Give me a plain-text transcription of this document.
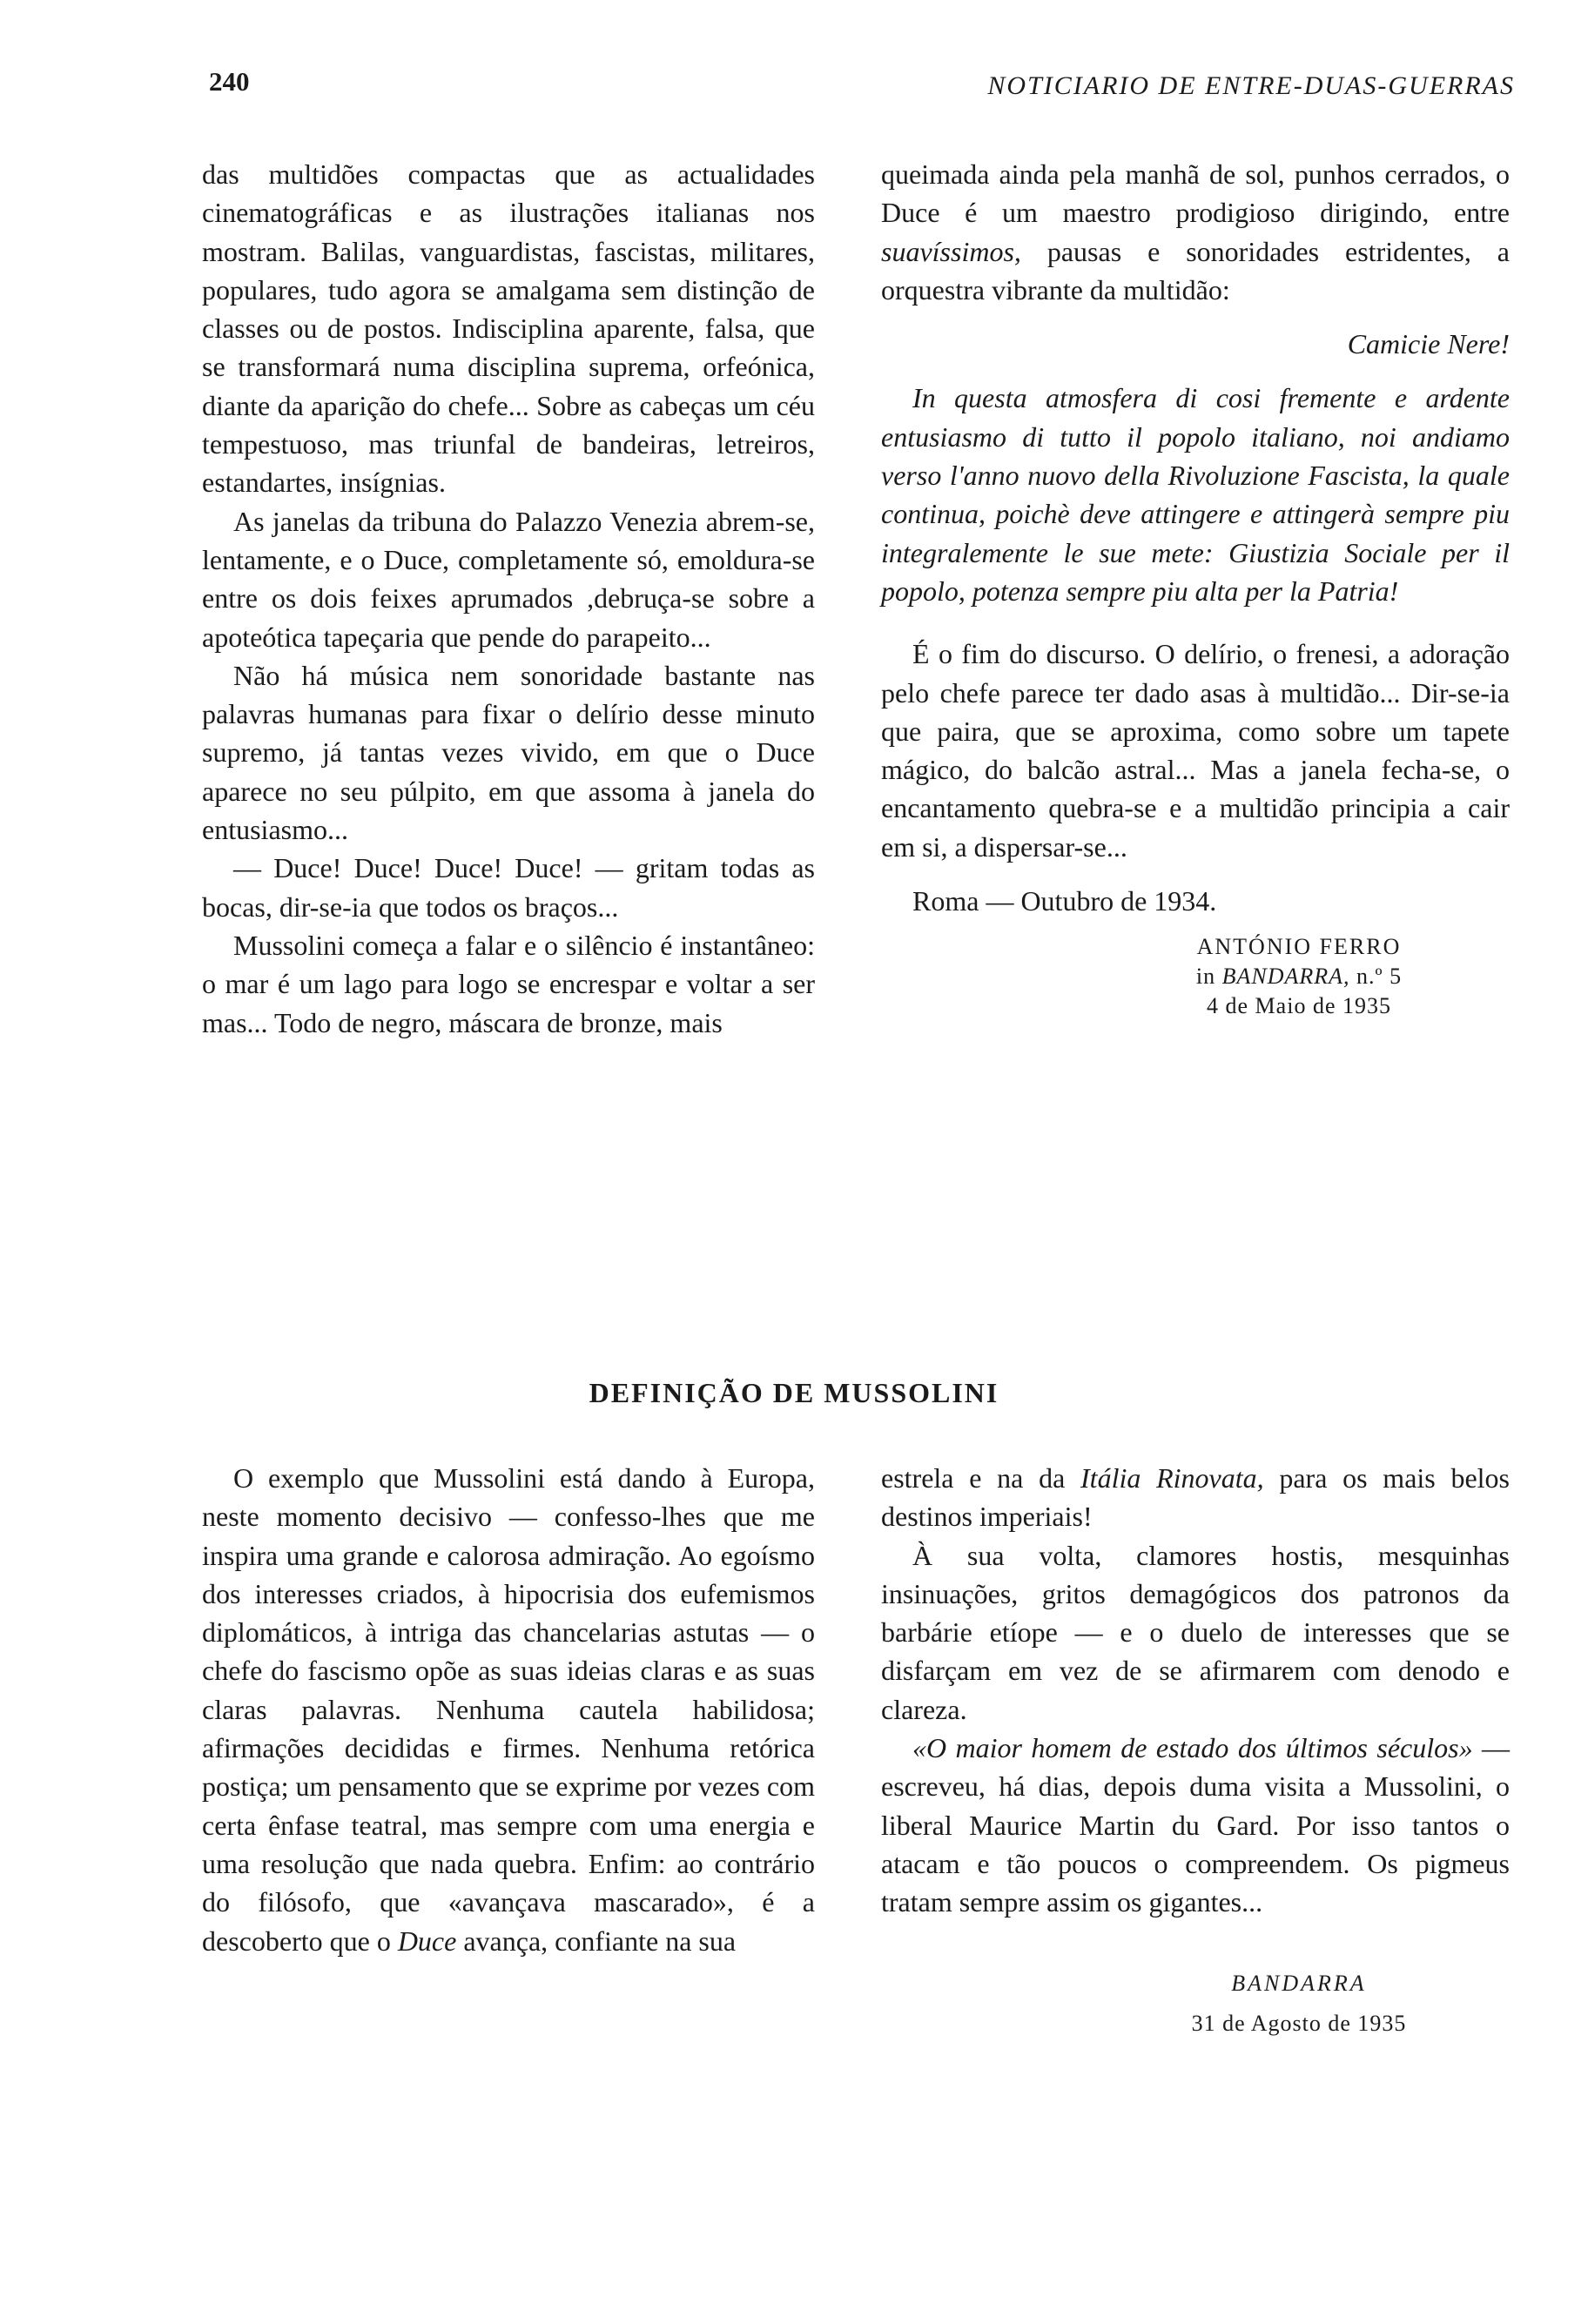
240	NOTICIARIO DE ENTRE-DUAS-GUERRAS

das multidões compactas que as actualidades cinematográficas e as ilustrações italianas nos mostram. Balilas, vanguardistas, fascistas, militares, populares, tudo agora se amalgama sem distinção de classes ou de postos. Indisciplina aparente, falsa, que se transformará numa disciplina suprema, orfeónica, diante da aparição do chefe... Sobre as cabeças um céu tempestuoso, mas triunfal de bandeiras, letreiros, estandartes, insígnias.

As janelas da tribuna do Palazzo Venezia abrem-se, lentamente, e o Duce, completamente só, emoldura-se entre os dois feixes aprumados ,debruça-se sobre a apoteótica tapeçaria que pende do parapeito...

Não há música nem sonoridade bastante nas palavras humanas para fixar o delírio desse minuto supremo, já tantas vezes vivido, em que o Duce aparece no seu púlpito, em que assoma à janela do entusiasmo...

— Duce! Duce! Duce! Duce! — gritam todas as bocas, dir-se-ia que todos os braços...

Mussolini começa a falar e o silêncio é instantâneo: o mar é um lago para logo se encrespar e voltar a ser mas... Todo de negro, máscara de bronze, mais

queimada ainda pela manhã de sol, punhos cerrados, o Duce é um maestro prodigioso dirigindo, entre suavíssimos, pausas e sonoridades estridentes, a orquestra vibrante da multidão:

Camicie Nere!

In questa atmosfera di cosi fremente e ardente entusiasmo di tutto il popolo italiano, noi andiamo verso l'anno nuovo della Rivoluzione Fascista, la quale continua, poichè deve attingere e attingerà sempre piu integralemente le sue mete: Giustizia Sociale per il popolo, potenza sempre piu alta per la Patria!

É o fim do discurso. O delírio, o frenesi, a adoração pelo chefe parece ter dado asas à multidão... Dir-se-ia que paira, que se aproxima, como sobre um tapete mágico, do balcão astral... Mas a janela fecha-se, o encantamento quebra-se e a multidão principia a cair em si, a dispersar-se...

Roma — Outubro de 1934.

ANTÓNIO FERRO
in BANDARRA, n.º 5
4 de Maio de 1935
DEFINIÇÃO DE MUSSOLINI

O exemplo que Mussolini está dando à Europa, neste momento decisivo — confesso-lhes que me inspira uma grande e calorosa admiração. Ao egoísmo dos interesses criados, à hipocrisia dos eufemismos diplomáticos, à intriga das chancelarias astutas — o chefe do fascismo opõe as suas ideias claras e as suas claras palavras. Nenhuma cautela habilidosa; afirmações decididas e firmes. Nenhuma retórica postiça; um pensamento que se exprime por vezes com certa ênfase teatral, mas sempre com uma energia e uma resolução que nada quebra. Enfim: ao contrário do filósofo, que «avançava mascarado», é a descoberto que o Duce avança, confiante na sua

estrela e na da Itália Rinovata, para os mais belos destinos imperiais!

À sua volta, clamores hostis, mesquinhas insinuações, gritos demagógicos dos patronos da barbárie etíope — e o duelo de interesses que se disfarçam em vez de se afirmarem com denodo e clareza.

«O maior homem de estado dos últimos séculos» — escreveu, há dias, depois duma visita a Mussolini, o liberal Maurice Martin du Gard. Por isso tantos o atacam e tão poucos o compreendem. Os pigmeus tratam sempre assim os gigantes...

BANDARRA
31 de Agosto de 1935
